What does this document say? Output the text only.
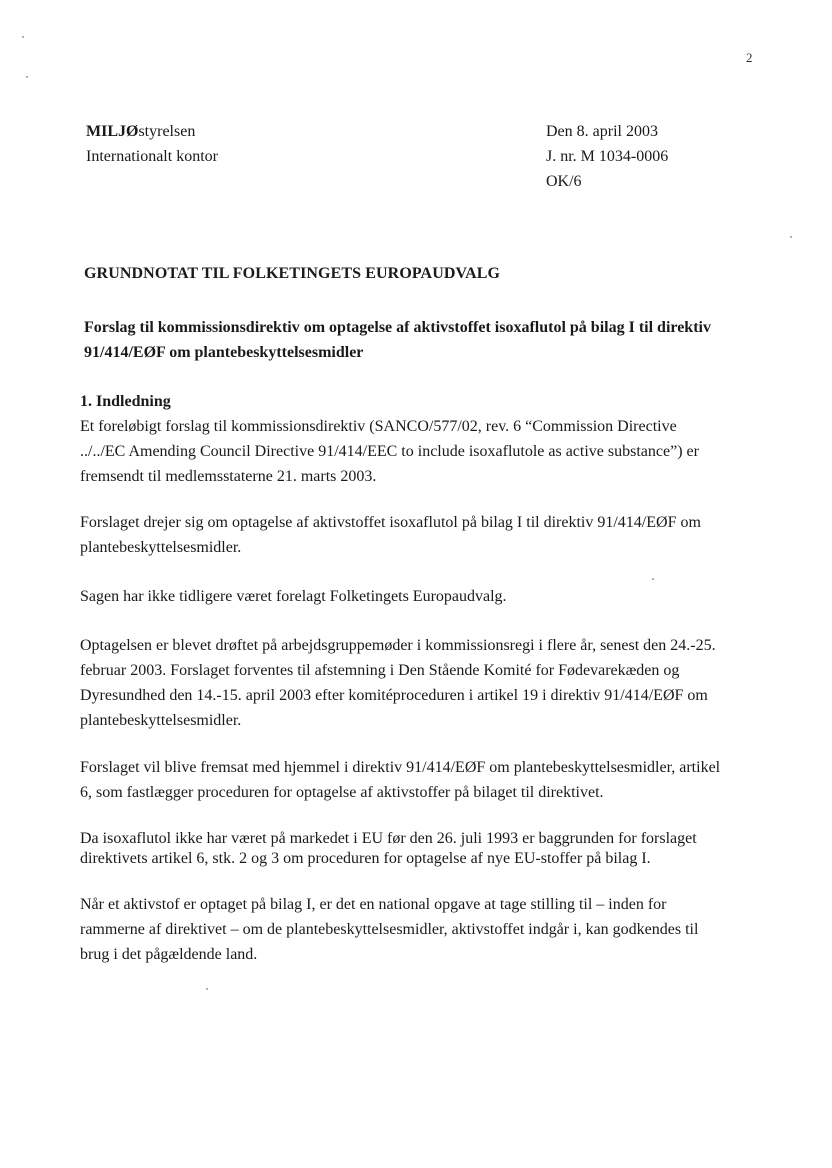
2
MILJØstyrelsen
Internationalt kontor
Den 8. april 2003
J. nr. M 1034-0006
OK/6
GRUNDNOTAT TIL FOLKETINGETS EUROPAUDVALG
Forslag til kommissionsdirektiv om optagelse af aktivstoffet isoxaflutol på bilag I til direktiv
91/414/EØF om plantebeskyttelsesmidler
1. Indledning
Et foreløbigt forslag til kommissionsdirektiv (SANCO/577/02, rev. 6 “Commission Directive
../../EC Amending Council Directive 91/414/EEC to include isoxaflutole as active substance”) er
fremsendt til medlemsstaterne 21. marts 2003.
Forslaget drejer sig om optagelse af aktivstoffet isoxaflutol på bilag I til direktiv 91/414/EØF om
plantebeskyttelsesmidler.
Sagen har ikke tidligere været forelagt Folketingets Europaudvalg.
Optagelsen er blevet drøftet på arbejdsgruppemøder i kommissionsregi i flere år, senest den 24.-25.
februar 2003. Forslaget forventes til afstemning i Den Stående Komité for Fødevarekæden og
Dyresundhed den 14.-15. april 2003 efter komitéproceduren i artikel 19 i direktiv 91/414/EØF om
plantebeskyttelsesmidler.
Forslaget vil blive fremsat med hjemmel i direktiv 91/414/EØF om plantebeskyttelsesmidler, artikel
6, som fastlægger proceduren for optagelse af aktivstoffer på bilaget til direktivet.
Da isoxaflutol ikke har været på markedet i EU før den 26. juli 1993 er baggrunden for forslaget
direktivets artikel 6, stk. 2 og 3 om proceduren for optagelse af nye EU-stoffer på bilag I.
Når et aktivstof er optaget på bilag I, er det en national opgave at tage stilling til – inden for
rammerne af direktivet – om de plantebeskyttelsesmidler, aktivstoffet indgår i, kan godkendes til
brug i det pågældende land.
